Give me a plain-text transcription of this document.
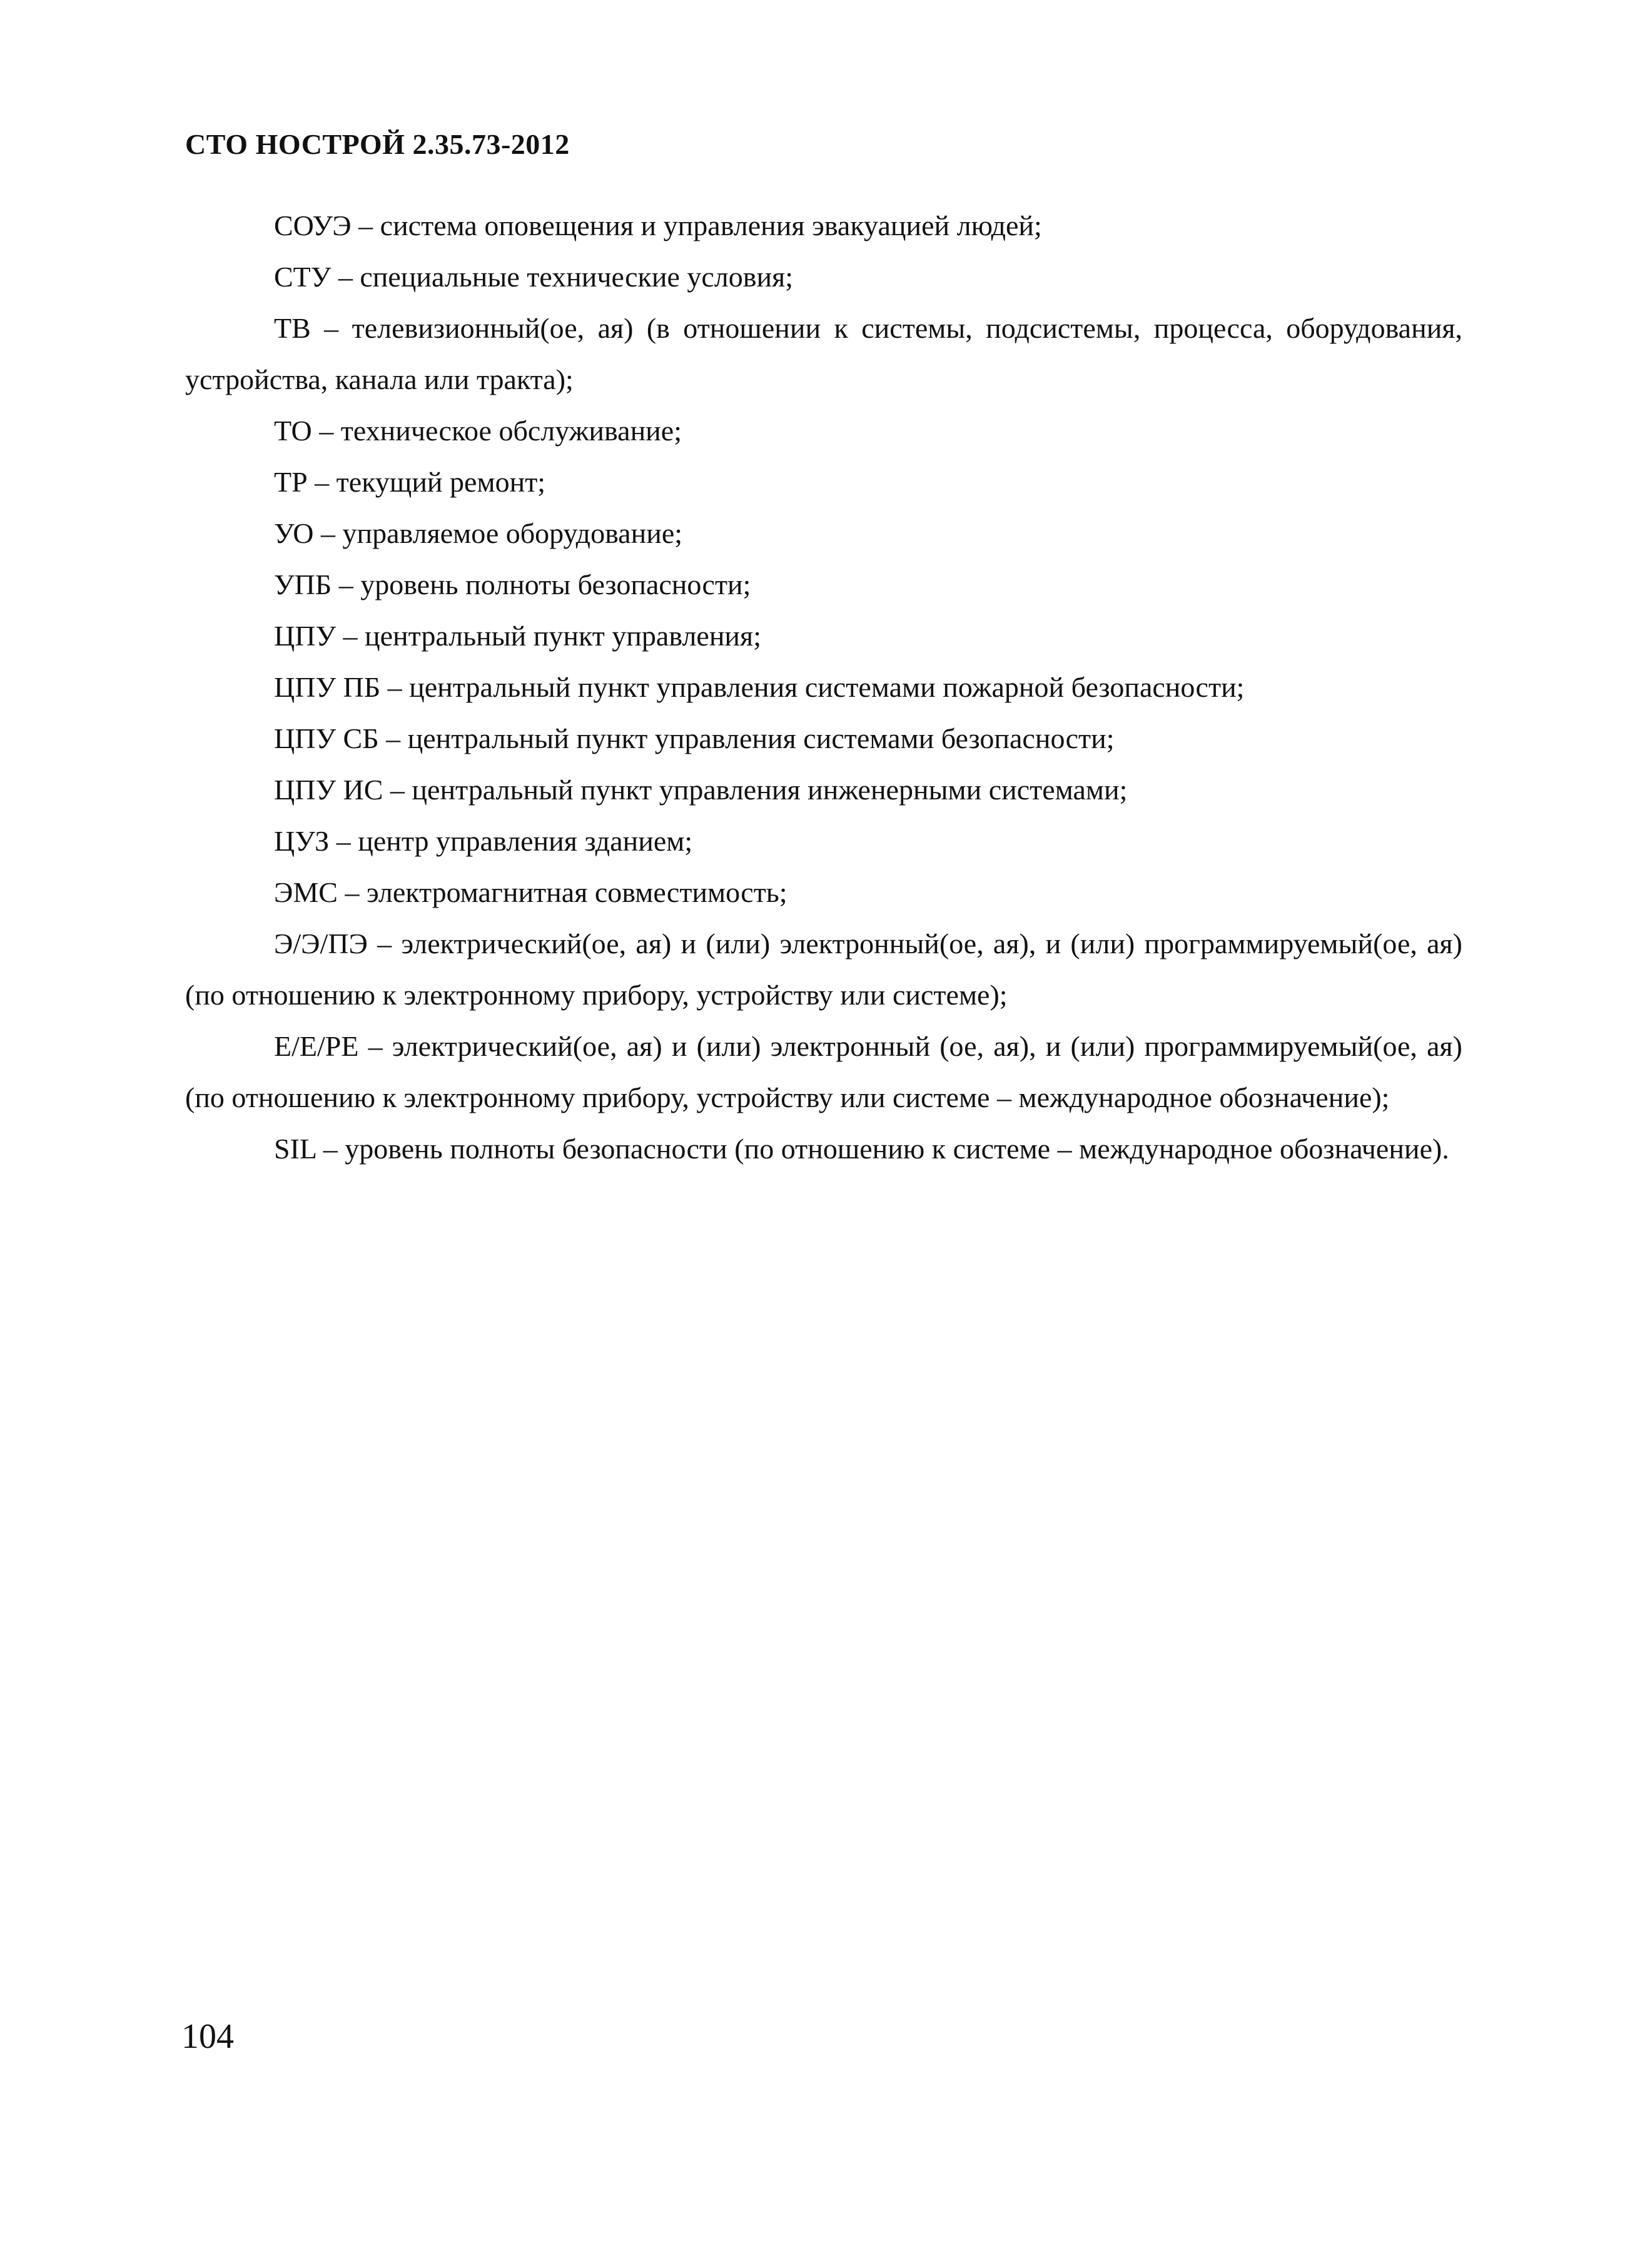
СТО НОСТРОЙ 2.35.73-2012

СОУЭ – система оповещения и управления эвакуацией людей;

СТУ – специальные технические условия;

ТВ – телевизионный(ое, ая) (в отношении к системы, подсистемы, процесса, оборудования, устройства, канала или тракта);

ТО – техническое обслуживание;

ТР – текущий ремонт;

УО – управляемое оборудование;

УПБ – уровень полноты безопасности;

ЦПУ – центральный пункт управления;

ЦПУ ПБ – центральный пункт управления системами пожарной безопасности;

ЦПУ СБ – центральный пункт управления системами безопасности;

ЦПУ ИС – центральный пункт управления инженерными системами;

ЦУЗ – центр управления зданием;

ЭМС – электромагнитная совместимость;

Э/Э/ПЭ – электрический(ое, ая) и (или) электронный(ое, ая), и (или) программируемый(ое, ая) (по отношению к электронному прибору, устройству или системе);

E/E/PE – электрический(ое, ая) и (или) электронный (ое, ая), и (или) программируемый(ое, ая) (по отношению к электронному прибору, устройству или системе – международное обозначение);

SIL – уровень полноты безопасности (по отношению к системе – международное обозначение).

104
